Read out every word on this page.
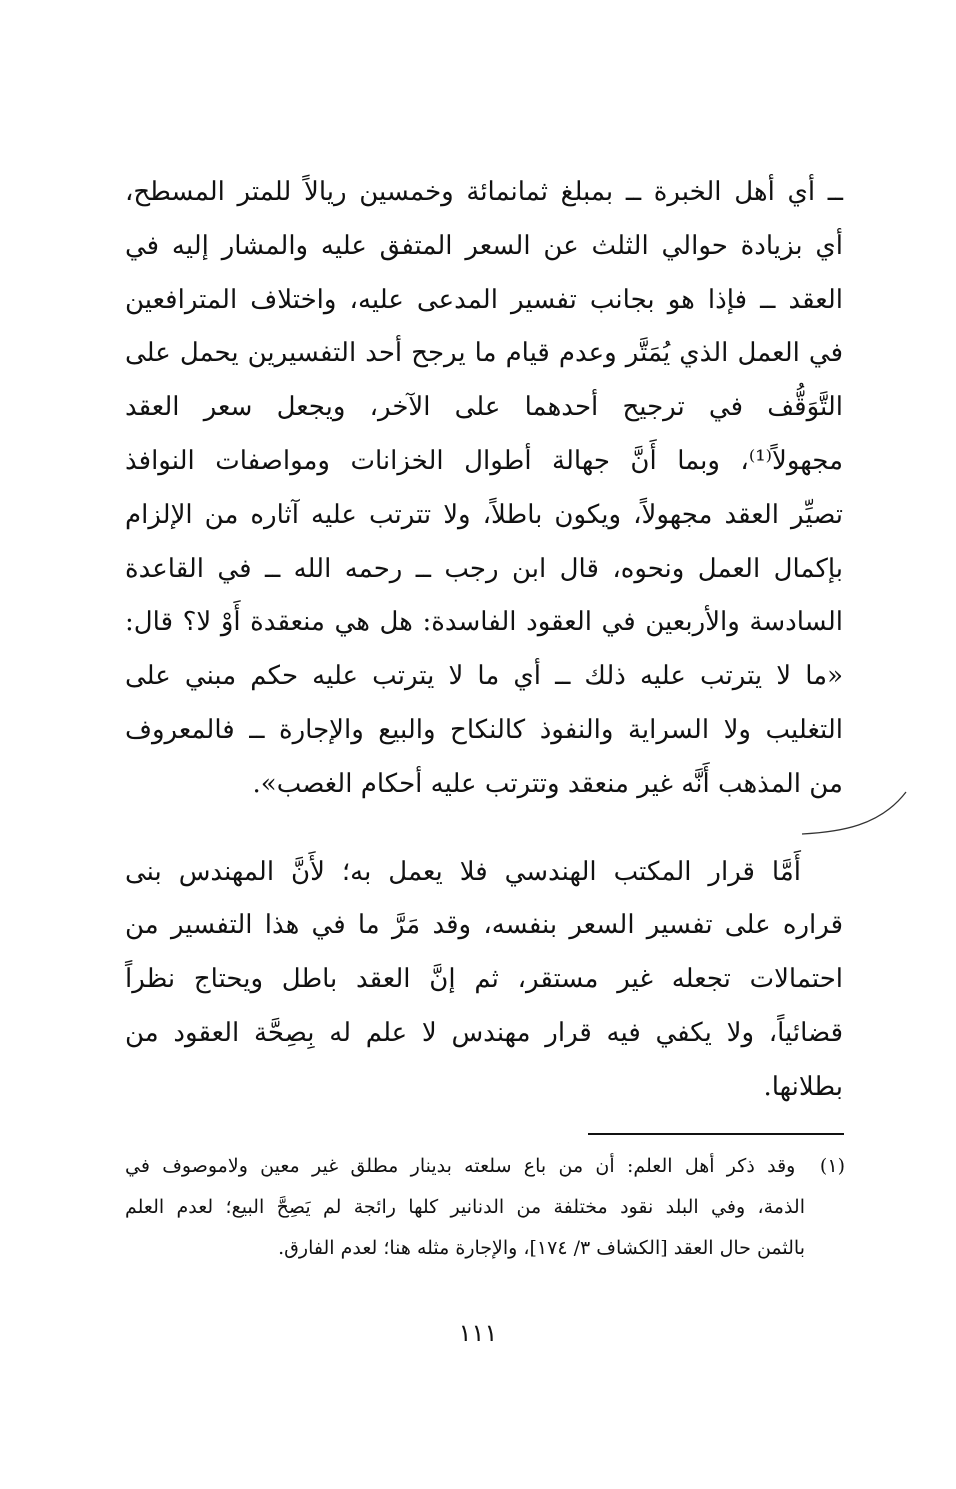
ــ أي أهل الخبرة ــ بمبلغ ثمانمائة وخمسين ريالاً للمتر المسطح،
أي بزيادة حوالي الثلث عن السعر المتفق عليه والمشار إليه في
العقد ــ فإذا هو بجانب تفسير المدعى عليه، واختلاف المترافعين
في العمل الذي يُمَتَّر وعدم قيام ما يرجح أحد التفسيرين يحمل على
التَّوَقُّف في ترجيح أحدهما على الآخر، ويجعل سعر العقد
مجهولاً⁽¹⁾، وبما أَنَّ جهالة أطوال الخزانات ومواصفات النوافذ
تصيِّر العقد مجهولاً، ويكون باطلاً، ولا تترتب عليه آثاره من الإلزام
بإكمال العمل ونحوه، قال ابن رجب ــ رحمه الله ــ في القاعدة
السادسة والأربعين في العقود الفاسدة: هل هي منعقدة أَوْ لا؟ قال:
«ما لا يترتب عليه ذلك ــ أي ما لا يترتب عليه حكم مبني على
التغليب ولا السراية والنفوذ كالنكاح والبيع والإجارة ــ فالمعروف
من المذهب أَنَّه غير منعقد وتترتب عليه أحكام الغصب».
أَمَّا قرار المكتب الهندسي فلا يعمل به؛ لأَنَّ المهندس بنى
قراره على تفسير السعر بنفسه، وقد مَرَّ ما في هذا التفسير من
احتمالات تجعله غير مستقر، ثم إنَّ العقد باطل ويحتاج نظراً
قضائياً، ولا يكفي فيه قرار مهندس لا علم له بِصِحَّة العقود من
بطلانها.
(١)  وقد ذكر أهل العلم: أن من باع سلعته بدينار مطلق غير معين ولاموصوف في
الذمة، وفي البلد نقود مختلفة من الدنانير كلها رائجة لم يَصِحَّ البيع؛ لعدم العلم
بالثمن حال العقد [الكشاف ٣/ ١٧٤]، والإجارة مثله هنا؛ لعدم الفارق.
١١١
